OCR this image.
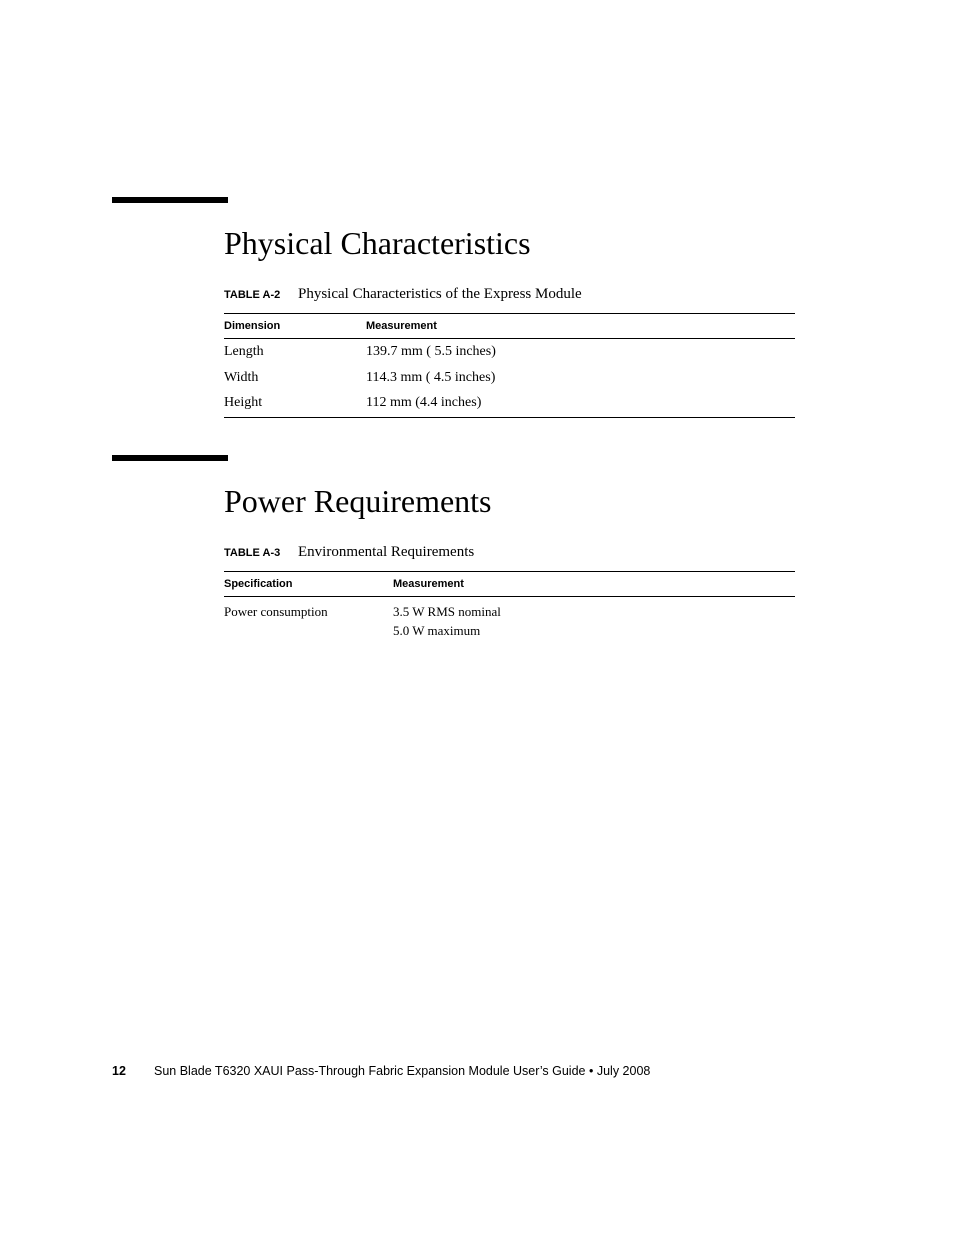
Physical Characteristics
TABLE A-2 Physical Characteristics of the Express Module
Dimension	Measurement
Length	139.7 mm ( 5.5 inches)
Width	114.3 mm ( 4.5 inches)
Height	112 mm (4.4 inches)
Power Requirements
TABLE A-3 Environmental Requirements
Specification	Measurement
Power consumption	3.5 W RMS nominal
5.0 W maximum
12 Sun Blade T6320 XAUI Pass-Through Fabric Expansion Module User’s Guide • July 2008
